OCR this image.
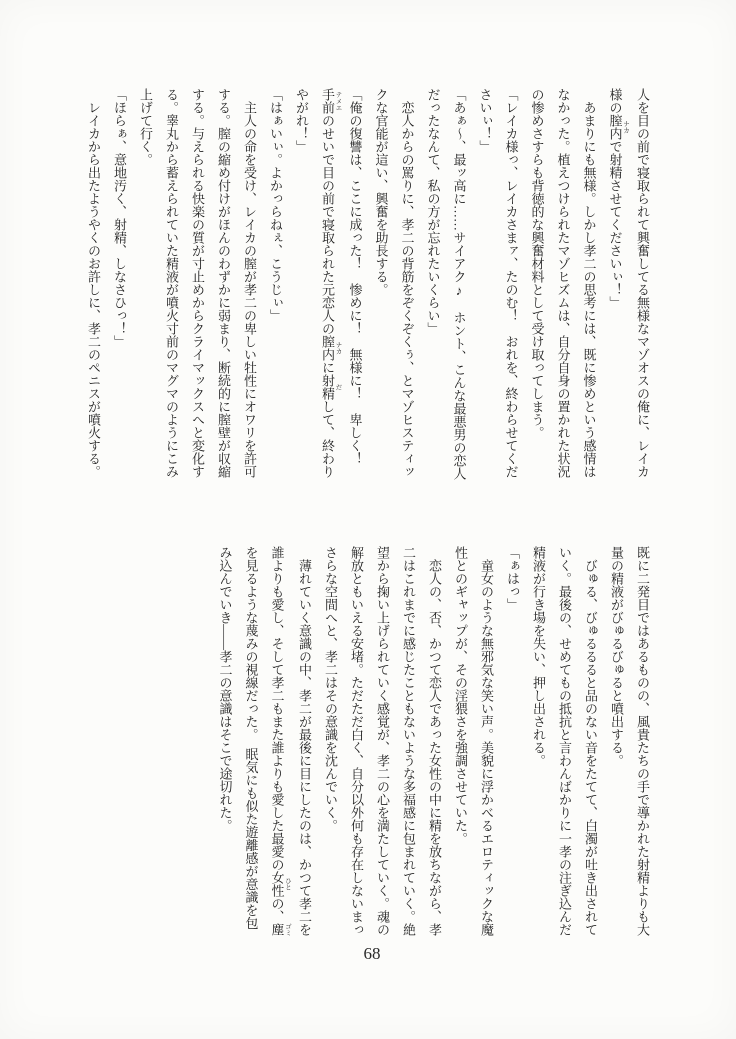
人を目の前で寝取られて興奮してる無様なマゾオスの俺に、レイカ
様の膣内 ナカで射精させてくださいぃ！」
　あまりにも無様。しかし孝二の思考には、既に惨めという感情は
なかった。植えつけられたマゾヒズムは、自分自身の置かれた状況
の惨めさすらも背徳的な興奮材料として受け取ってしまう。
「レイカ様っ、レイカさまァ、たのむ！　おれを、終わらせてくだ
さいぃ！」
「あぁ〜、最ッ高に……サイアク♪　ホント、こんな最悪男の恋人
だったなんて、私の方が忘れたいくらい」
　恋人からの罵りに、孝二の背筋をぞくぞくぅ、とマゾヒスティッ
クな官能が這い、興奮を助長する。
「俺の復讐は、ここに成った！　惨めに！　無様に！　卑しく！
手前 テメエのせいで目の前で寝取られた元恋人の膣内 ナカに射精 だして、終わり
やがれ！」
「はぁいぃ。よかっらねぇ、こうじぃ」
　主人の命を受け、レイカの膣が孝二の卑しい牡性にオワリを許可
する。膣の縮め付けがほんのわずかに弱まり、断続的に膣壁が収縮
する。与えられる快楽の質が寸止めからクライマックスへと変化す
る。睾丸から蓄えられていた精液が噴火寸前のマグマのようにこみ
上げて行く。
「ほらぁ、意地汚く、射精、しなさひっ！」
　レイカから出たようやくのお許しに、孝二のペニスが噴火する。
既に二発目ではあるものの、風貴たちの手で導かれた射精よりも大
量の精液がびゅるびゅると噴出する。
　びゅる、びゅるるると品のない音をたてて、白濁が吐き出されて
いく。最後の、せめてもの抵抗と言わんばかりに一孝の注ぎ込んだ
精液が行き場を失い、押し出される。
「ぁはっ」
　童女のような無邪気な笑い声。美貌に浮かべるエロティックな魔
性とのギャップが、その淫猥さを強調させていた。
　恋人の、否、かつて恋人であった女性の中に精を放ちながら、孝
二はこれまでに感じたこともないような多福感に包まれていく。絶
望から掬い上げられていく感覚が、孝二の心を満たしていく。魂の
解放ともいえる安堵。ただただ白く、自分以外何も存在しないまっ
さらな空間へと、孝二はその意識を沈んでいく。
　薄れていく意識の中、孝二が最後に目にしたのは、かつて孝二を
誰よりも愛し、そして孝二もまた誰よりも愛した最愛の女性 ひとの、塵 ゴミ
を見るような蔑みの視線だった。　眠気にも似た遊離感が意識を包
み込んでいき――孝二の意識はそこで途切れた。
68
